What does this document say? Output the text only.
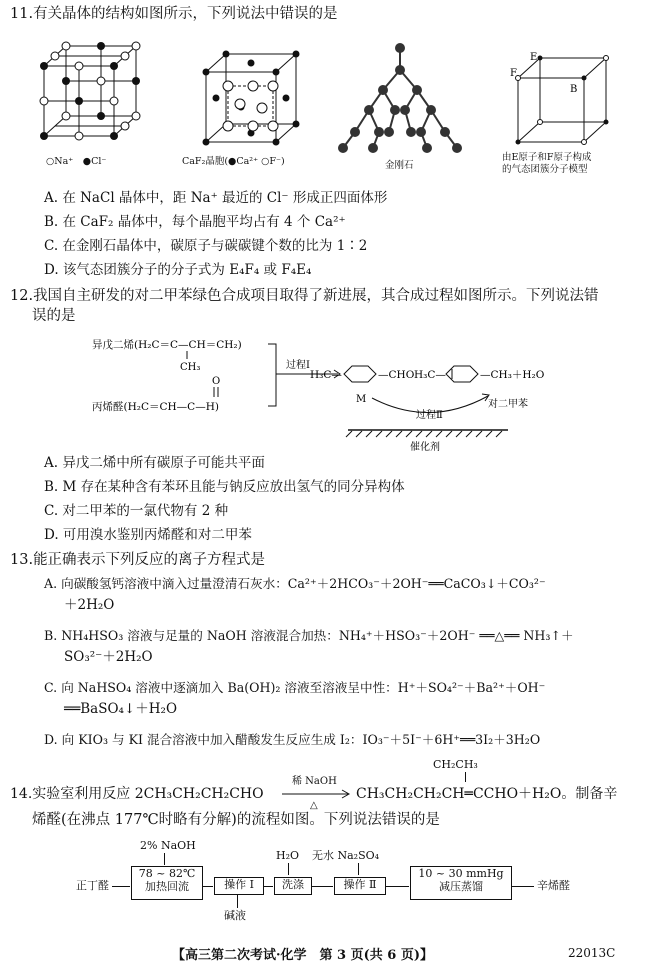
11.有关晶体的结构如图所示，下列说法中错误的是
○Na⁺　●Cl⁻	CaF₂晶胞(●Ca²⁺ ○F⁻)	金刚石
F
E
B
由E原子和F原子构成
的气态团簇分子模型
A. 在 NaCl 晶体中，距 Na⁺ 最近的 Cl⁻ 形成正四面体形
B. 在 CaF₂ 晶体中，每个晶胞平均占有 4 个 Ca²⁺
C. 在金刚石晶体中，碳原子与碳碳键个数的比为 1∶2
D. 该气态团簇分子的分子式为 E₄F₄ 或 F₄E₄
12.我国自主研发的对二甲苯绿色合成项目取得了新进展，其合成过程如图所示。下列说法错
误的是
异戊二烯(H₂C＝C—CH＝CH₂)
CH₃
O
丙烯醛(H₂C＝CH—C—H)
过程Ⅰ
H₃C—	—CHO H₃C—	—CH₃＋H₂O
M
过程Ⅱ
对二甲苯
催化剂
A. 异戊二烯中所有碳原子可能共平面
B. M 存在某种含有苯环且能与钠反应放出氢气的同分异构体
C. 对二甲苯的一氯代物有 2 种
D. 可用溴水鉴别丙烯醛和对二甲苯
13.能正确表示下列反应的离子方程式是
A. 向碳酸氢钙溶液中滴入过量澄清石灰水：Ca²⁺＋2HCO₃⁻＋2OH⁻══CaCO₃↓＋CO₃²⁻
＋2H₂O
B. NH₄HSO₃ 溶液与足量的 NaOH 溶液混合加热：NH₄⁺＋HSO₃⁻＋2OH⁻ ══△══ NH₃↑＋
SO₃²⁻＋2H₂O
C. 向 NaHSO₄ 溶液中逐滴加入 Ba(OH)₂ 溶液至溶液呈中性：H⁺＋SO₄²⁻＋Ba²⁺＋OH⁻
══BaSO₄↓＋H₂O
D. 向 KIO₃ 与 KI 混合溶液中加入醋酸发生反应生成 I₂：IO₃⁻＋5I⁻＋6H⁺══3I₂＋3H₂O
CH₂CH₃
14.实验室利用反应 2CH₃CH₂CH₂CHO
稀 NaOH
△
CH₃CH₂CH₂CH═CCHO＋H₂O。制备辛
烯醛(在沸点 177℃时略有分解)的流程如图。下列说法错误的是
2% NaOH
正丁醛
78 ~ 82℃
加热回流	操作 Ⅰ
碱液
H₂O
洗涤
无水 Na₂SO₄
操作 Ⅱ
10 ~ 30 mmHg
减压蒸馏	辛烯醛
【高三第二次考试·化学　第 3 页(共 6 页)】	22013C
